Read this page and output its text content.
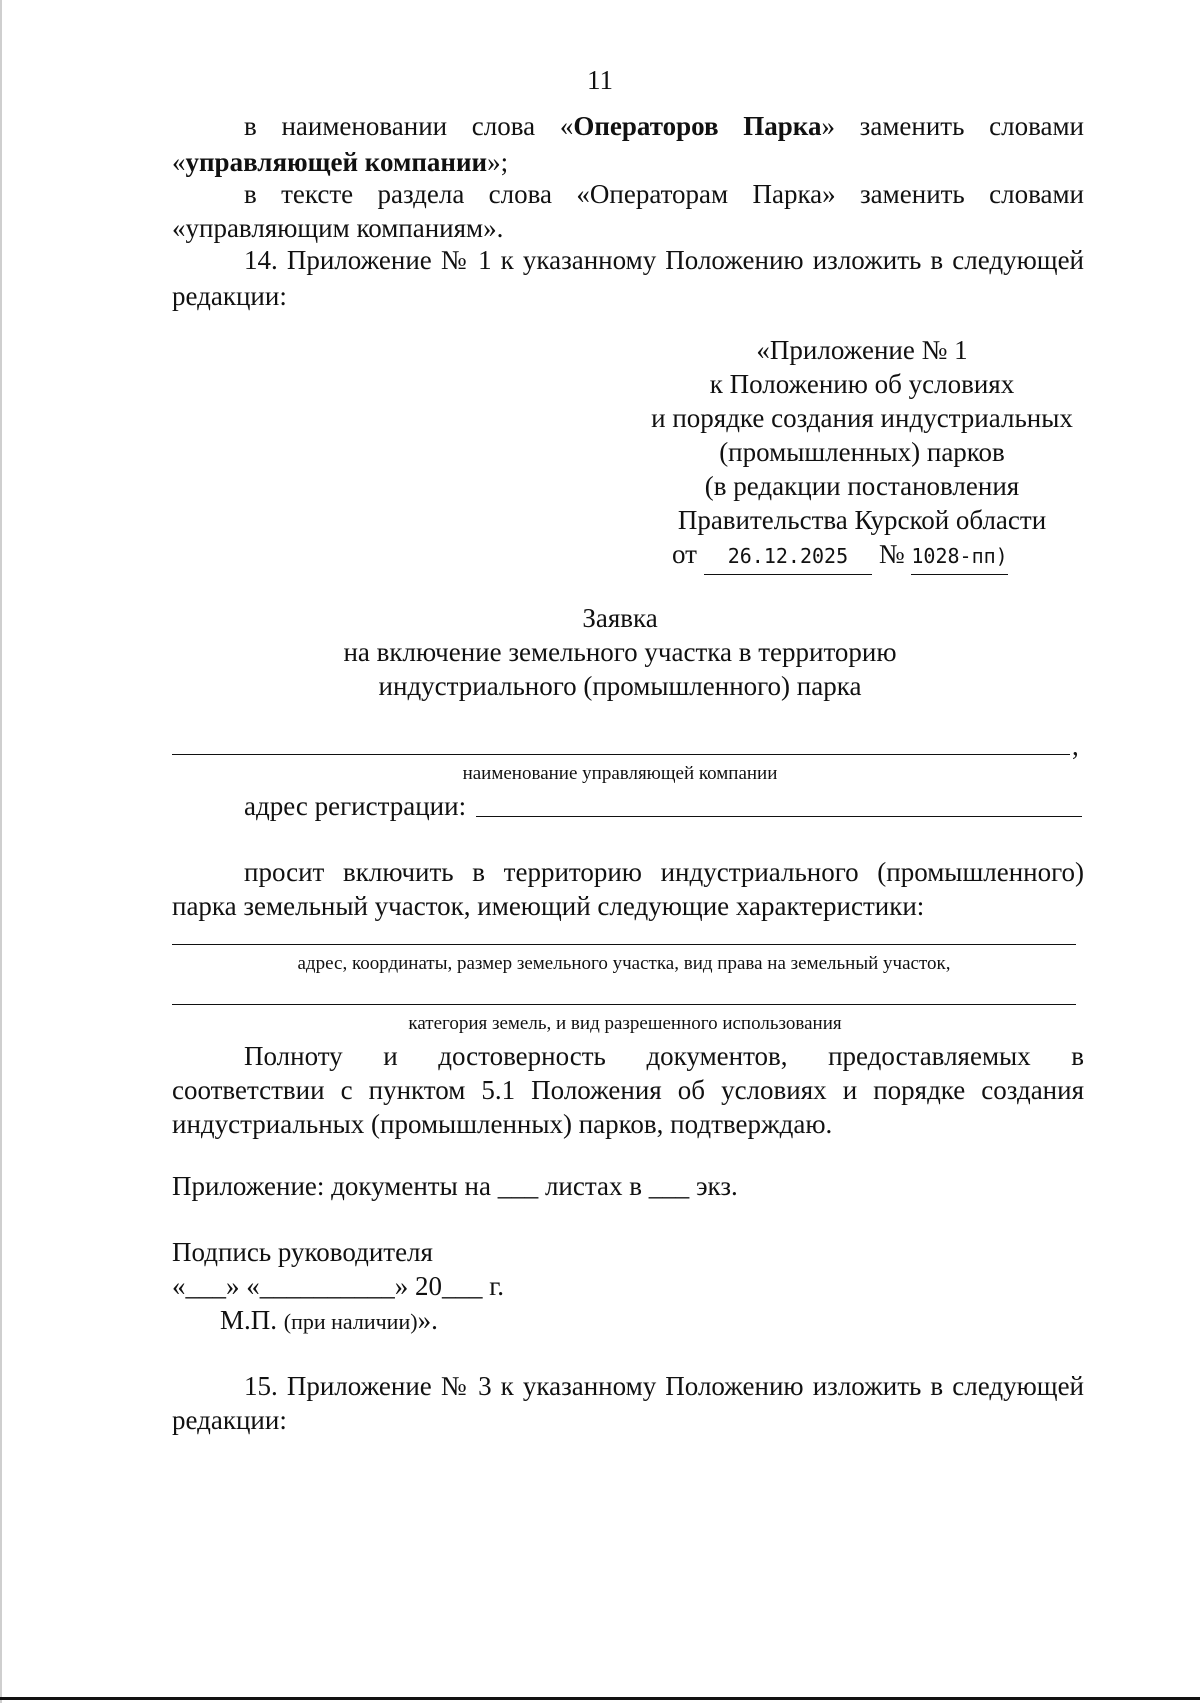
11
в наименовании слова «Операторов Парка» заменить словами
«управляющей компании»;
в тексте раздела слова «Операторам Парка» заменить словами
«управляющим компаниям».
14. Приложение № 1 к указанному Положению изложить в следующей
редакции:
«Приложение № 1
к Положению об условиях
и порядке создания индустриальных
(промышленных) парков
(в редакции постановления
Правительства Курской области
от 26.12.2025 № 1028-пп)
Заявка
на включение земельного участка в территорию
индустриального (промышленного) парка
,
наименование управляющей компании
адрес регистрации:
просит включить в территорию индустриального (промышленного)
парка земельный участок, имеющий следующие характеристики:
адрес, координаты, размер земельного участка, вид права на земельный участок,
категория земель, и вид разрешенного использования
Полноту и достоверность документов, предоставляемых в
соответствии с пунктом 5.1 Положения об условиях и порядке создания
индустриальных (промышленных) парков, подтверждаю.
Приложение: документы на ___ листах в ___ экз.
Подпись руководителя
«___» «__________» 20___ г.
М.П. (при наличии)».
15. Приложение № 3 к указанному Положению изложить в следующей
редакции:
